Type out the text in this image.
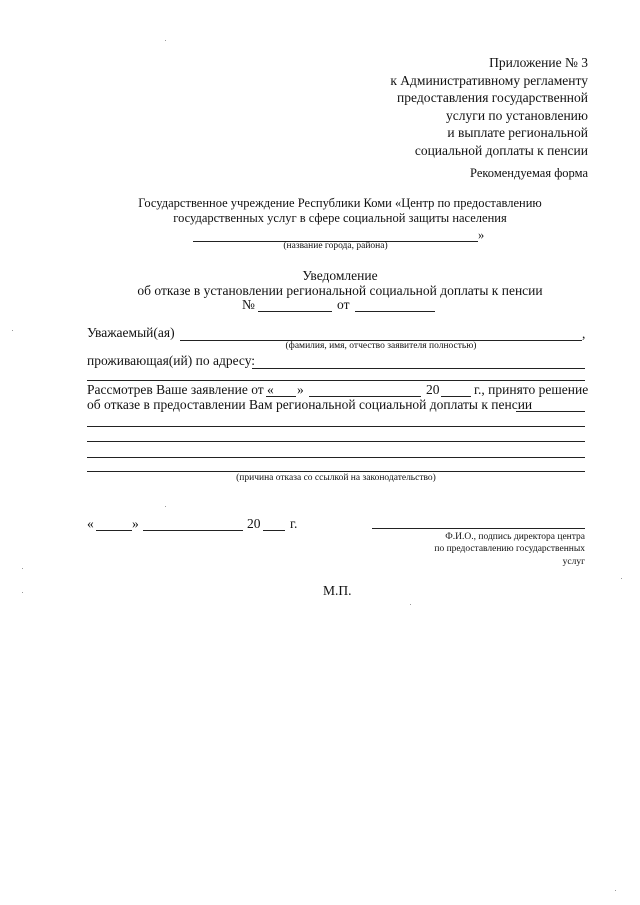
Приложение № 3
к Административному регламенту
предоставления государственной
услуги по установлению
и выплате региональной
социальной доплаты к пенсии
Рекомендуемая форма
Государственное учреждение Республики Коми «Центр по предоставлению
государственных услуг в сфере социальной защиты населения
»
(название города, района)
Уведомление
об отказе в установлении региональной социальной доплаты к пенсии
№	от
Уважаемый(ая)	,
(фамилия, имя, отчество заявителя полностью)
проживающая(ий) по адресу:
Рассмотрев Ваше заявление от « »	20	г., принято решение
об отказе в предоставлении Вам региональной социальной доплаты к пенсии
(причина отказа со ссылкой на законодательство)
«	»	20 г.
Ф.И.О., подпись директора центра
по предоставлению государственных
услуг
М.П.
